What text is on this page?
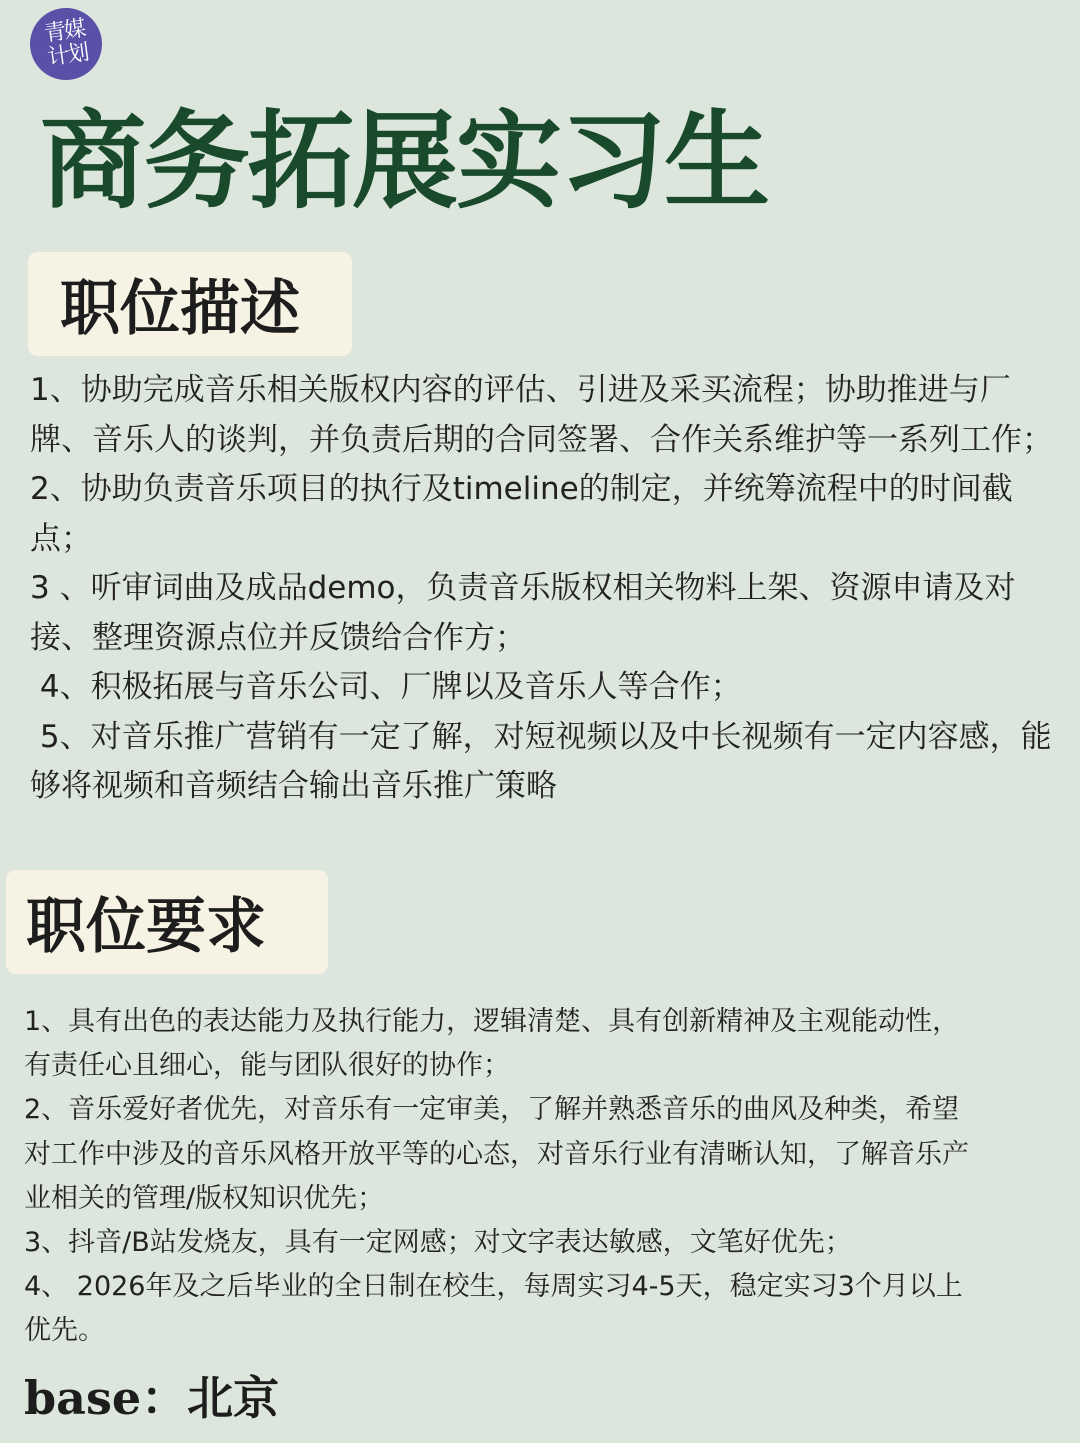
青媒
计划
商务拓展实习生
职位描述

1、协助完成音乐相关版权内容的评估、引进及采买流程；协助推进与厂牌、音乐人的谈判，并负责后期的合同签署、合作关系维护等一系列工作；

2、协助负责音乐项目的执行及timeline的制定，并统筹流程中的时间截点；

3 、听审词曲及成品demo，负责音乐版权相关物料上架、资源申请及对接、整理资源点位并反馈给合作方；

4、积极拓展与音乐公司、厂牌以及音乐人等合作；

5、对音乐推广营销有一定了解，对短视频以及中长视频有一定内容感，能够将视频和音频结合输出音乐推广策略

职位要求

1、具有出色的表达能力及执行能力，逻辑清楚、具有创新精神及主观能动性，有责任心且细心，能与团队很好的协作；

2、音乐爱好者优先，对音乐有一定审美，了解并熟悉音乐的曲风及种类，希望对工作中涉及的音乐风格开放平等的心态，对音乐行业有清晰认知，了解音乐产业相关的管理/版权知识优先；

3、抖音/B站发烧友，具有一定网感；对文字表达敏感，文笔好优先；

4、 2026年及之后毕业的全日制在校生，每周实习4-5天，稳定实习3个月以上优先。

base：北京
